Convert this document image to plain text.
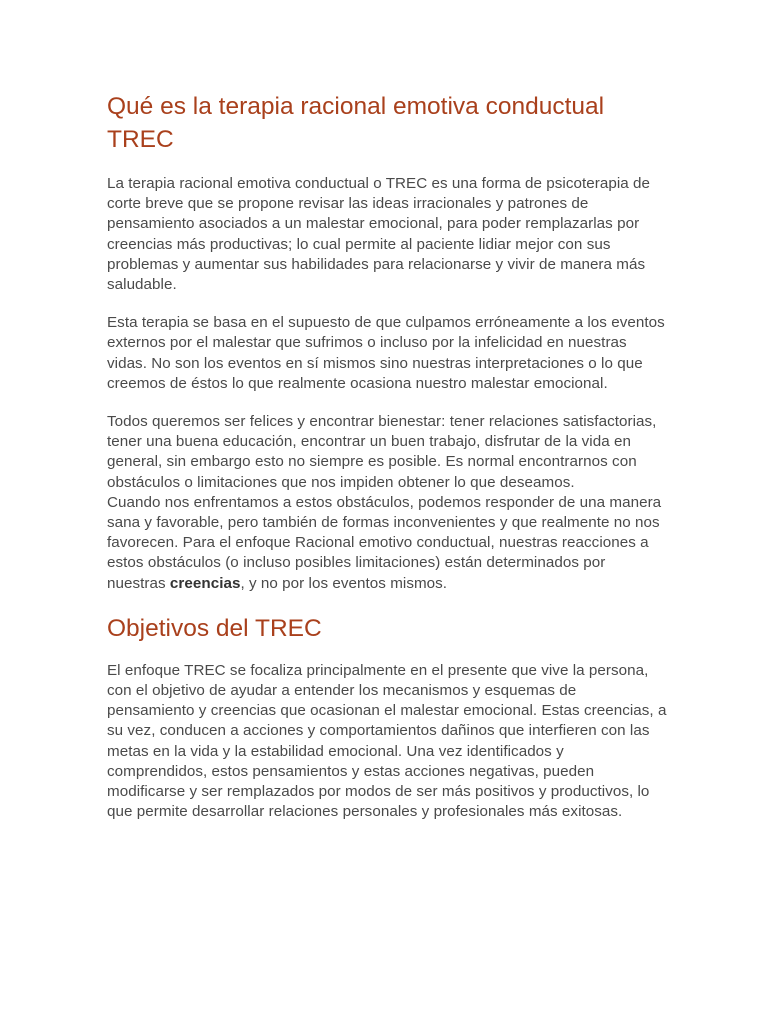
Qué es la terapia racional emotiva conductual TREC

La terapia racional emotiva conductual o TREC es una forma de psicoterapia de corte breve que se propone revisar las ideas irracionales y patrones de pensamiento asociados a un malestar emocional, para poder remplazarlas por creencias más productivas; lo cual permite al paciente lidiar mejor con sus problemas y aumentar sus habilidades para relacionarse y vivir de manera más saludable.

Esta terapia se basa en el supuesto de que culpamos erróneamente a los eventos externos por el malestar que sufrimos o incluso por la infelicidad en nuestras vidas. No son los eventos en sí mismos sino nuestras interpretaciones o lo que creemos de éstos lo que realmente ocasiona nuestro malestar emocional.

Todos queremos ser felices y encontrar bienestar: tener relaciones satisfactorias, tener una buena educación, encontrar un buen trabajo, disfrutar de la vida en general, sin embargo esto no siempre es posible. Es normal encontrarnos con obstáculos o limitaciones que nos impiden obtener lo que deseamos.

Cuando nos enfrentamos a estos obstáculos, podemos responder de una manera sana y favorable, pero también de formas inconvenientes y que realmente no nos favorecen. Para el enfoque Racional emotivo conductual, nuestras reacciones a estos obstáculos (o incluso posibles limitaciones) están determinados por nuestras creencias, y no por los eventos mismos.

Objetivos del TREC

El enfoque TREC se focaliza principalmente en el presente que vive la persona, con el objetivo de ayudar a entender los mecanismos y esquemas de pensamiento y creencias que ocasionan el malestar emocional. Estas creencias, a su vez, conducen a acciones y comportamientos dañinos que interfieren con las metas en la vida y la estabilidad emocional. Una vez identificados y comprendidos, estos pensamientos y estas acciones negativas, pueden modificarse y ser remplazados por modos de ser más positivos y productivos, lo que permite desarrollar relaciones personales y profesionales más exitosas.
